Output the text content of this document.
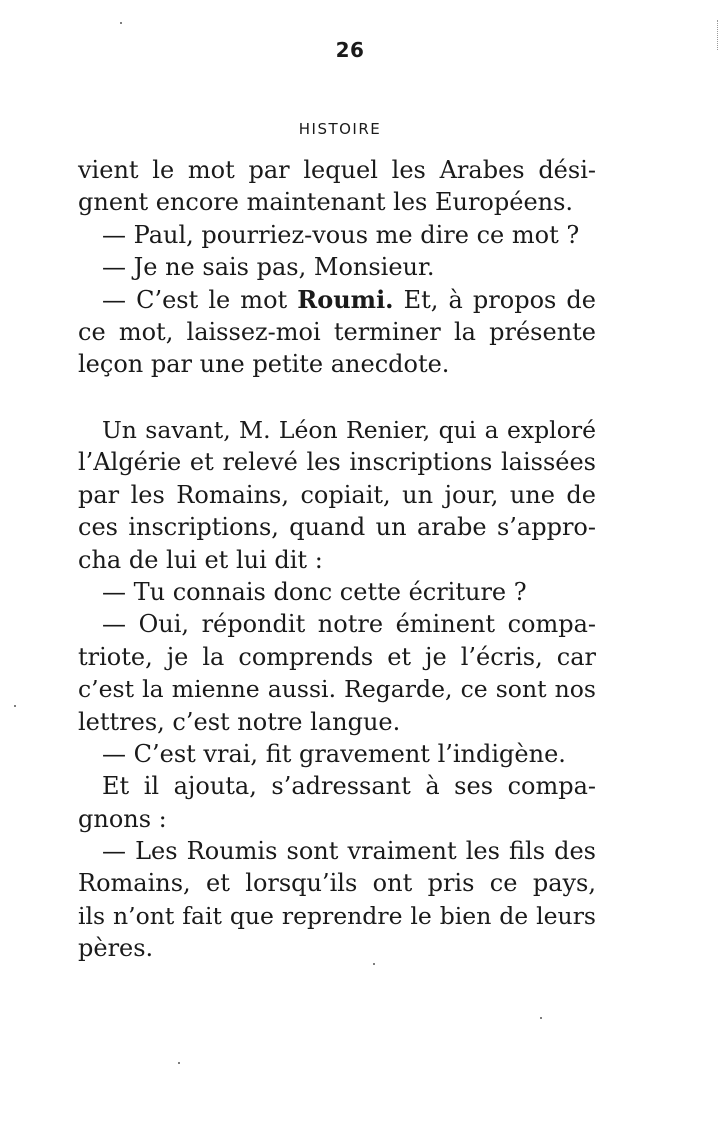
26
HISTOIRE
vient le mot par lequel les Arabes dési-
gnent encore maintenant les Européens.
— Paul, pourriez-vous me dire ce mot ?
— Je ne sais pas, Monsieur.
— C’est le mot Roumi. Et, à propos de
ce mot, laissez-moi terminer la présente
leçon par une petite anecdote.
Un savant, M. Léon Renier, qui a exploré
l’Algérie et relevé les inscriptions laissées
par les Romains, copiait, un jour, une de
ces inscriptions, quand un arabe s’appro-
cha de lui et lui dit :
— Tu connais donc cette écriture ?
— Oui, répondit notre éminent compa-
triote, je la comprends et je l’écris, car
c’est la mienne aussi. Regarde, ce sont nos
lettres, c’est notre langue.
— C’est vrai, fit gravement l’indigène.
Et il ajouta, s’adressant à ses compa-
gnons :
— Les Roumis sont vraiment les fils des
Romains, et lorsqu’ils ont pris ce pays,
ils n’ont fait que reprendre le bien de leurs
pères.
